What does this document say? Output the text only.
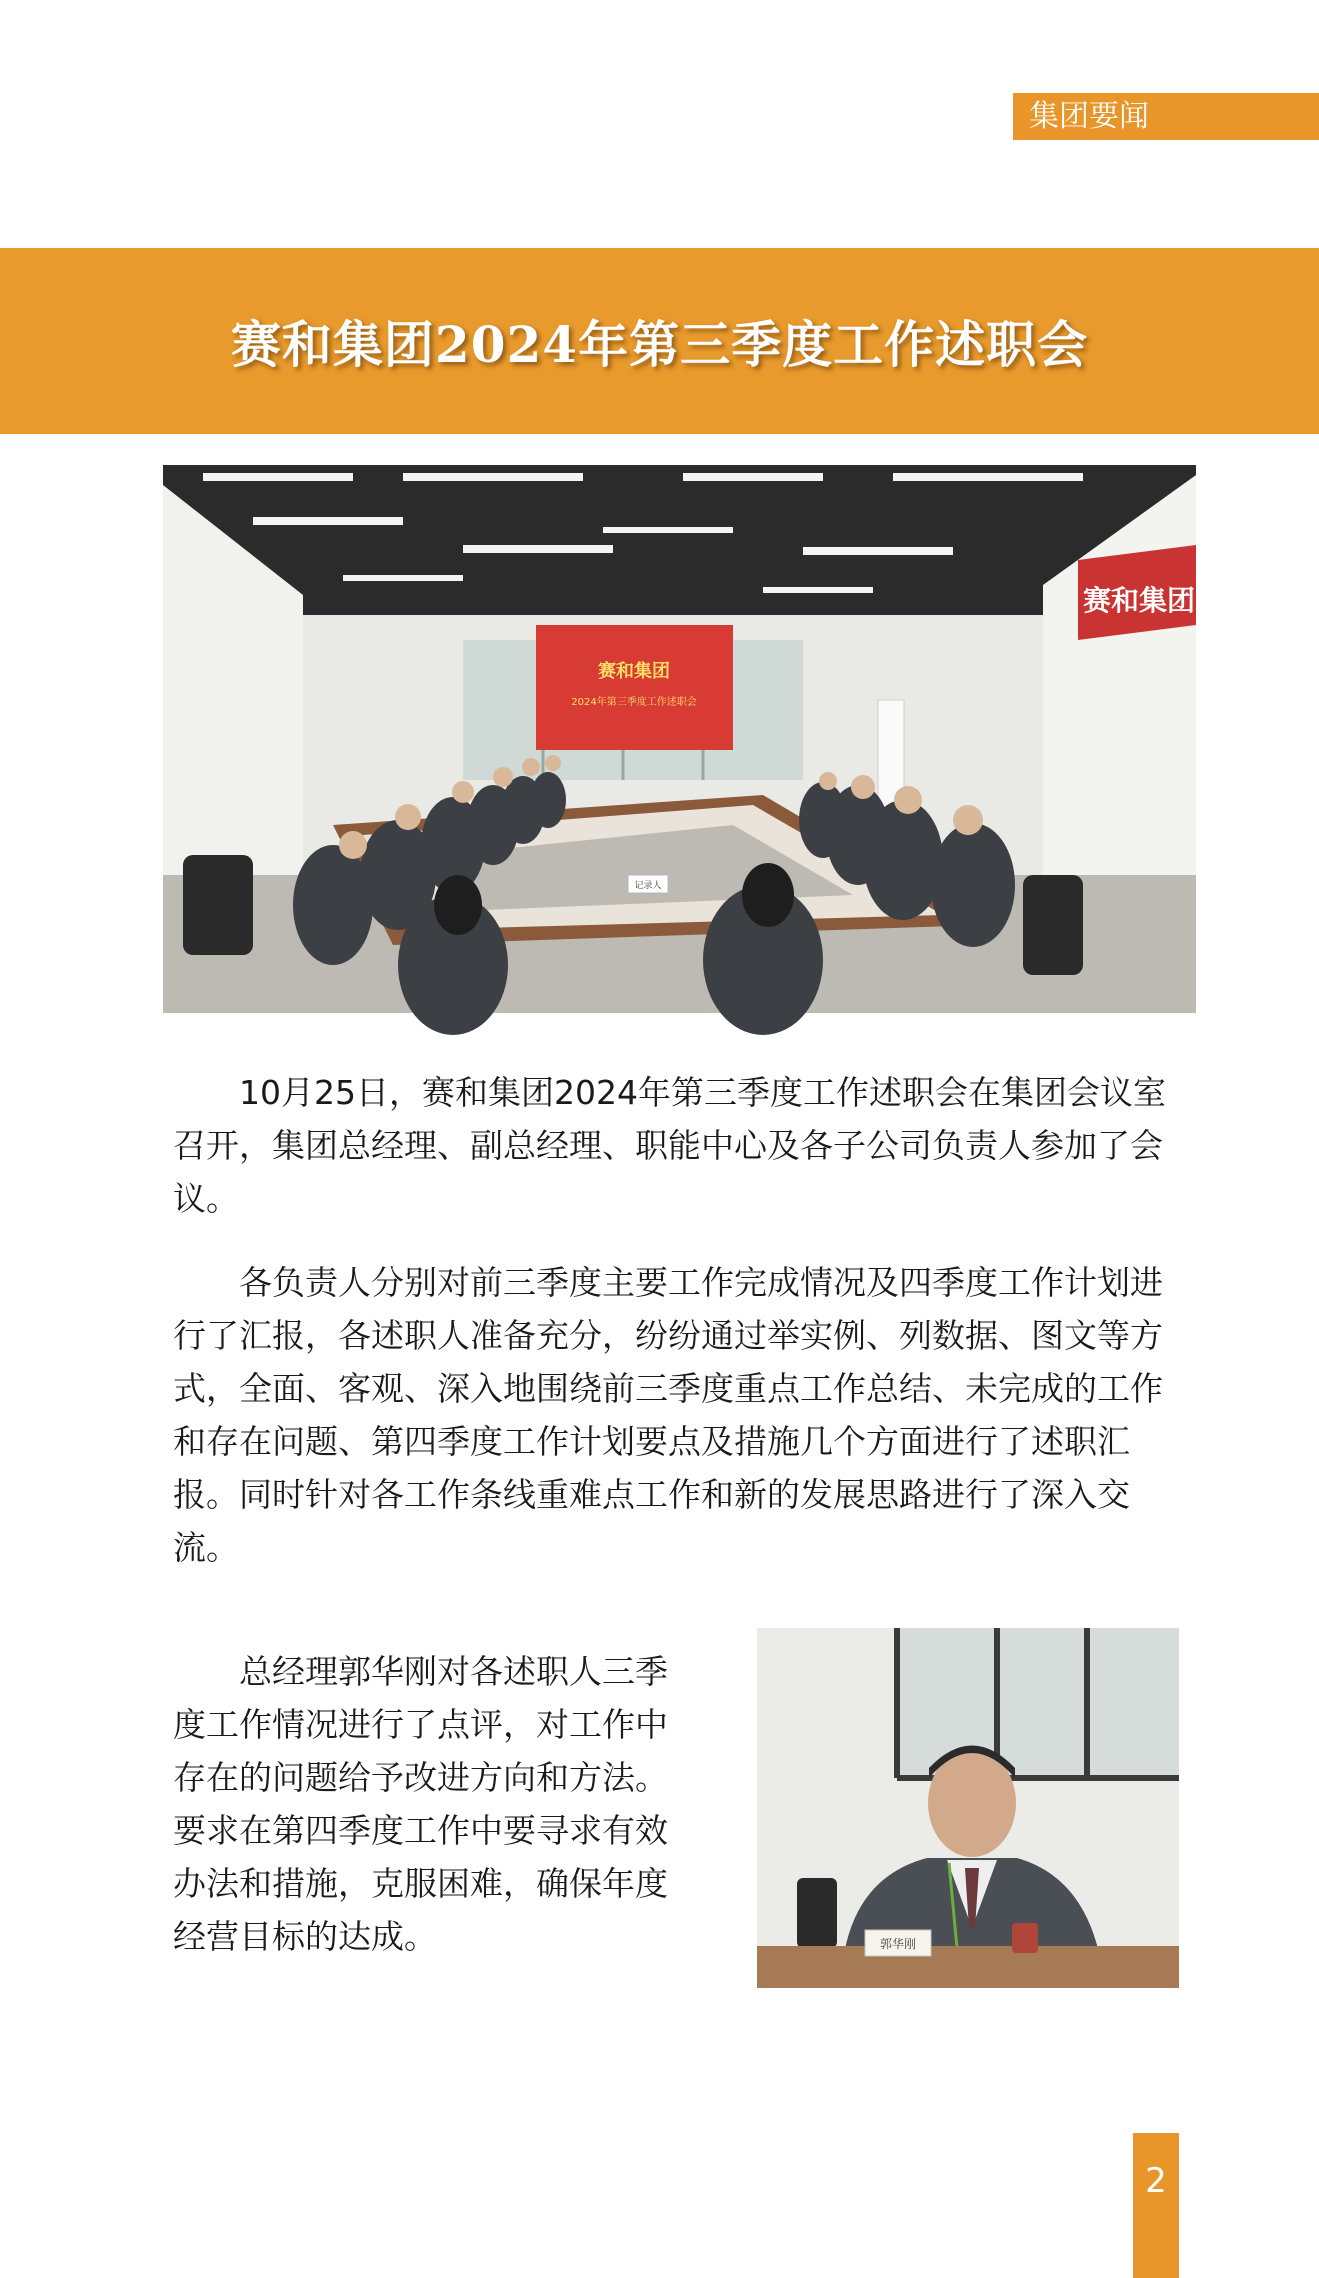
集团要闻
赛和集团2024年第三季度工作述职会
赛和集团
2024年第三季度工作述职会
赛和集团2
记录人

10月25日，赛和集团2024年第三季度工作述职会在集团会议室召开，集团总经理、副总经理、职能中心及各子公司负责人参加了会议。

各负责人分别对前三季度主要工作完成情况及四季度工作计划进行了汇报，各述职人准备充分，纷纷通过举实例、列数据、图文等方式，全面、客观、深入地围绕前三季度重点工作总结、未完成的工作和存在问题、第四季度工作计划要点及措施几个方面进行了述职汇报。同时针对各工作条线重难点工作和新的发展思路进行了深入交流。

总经理郭华刚对各述职人三季度工作情况进行了点评，对工作中存在的问题给予改进方向和方法。要求在第四季度工作中要寻求有效办法和措施，克服困难，确保年度经营目标的达成。	郭华刚
2
